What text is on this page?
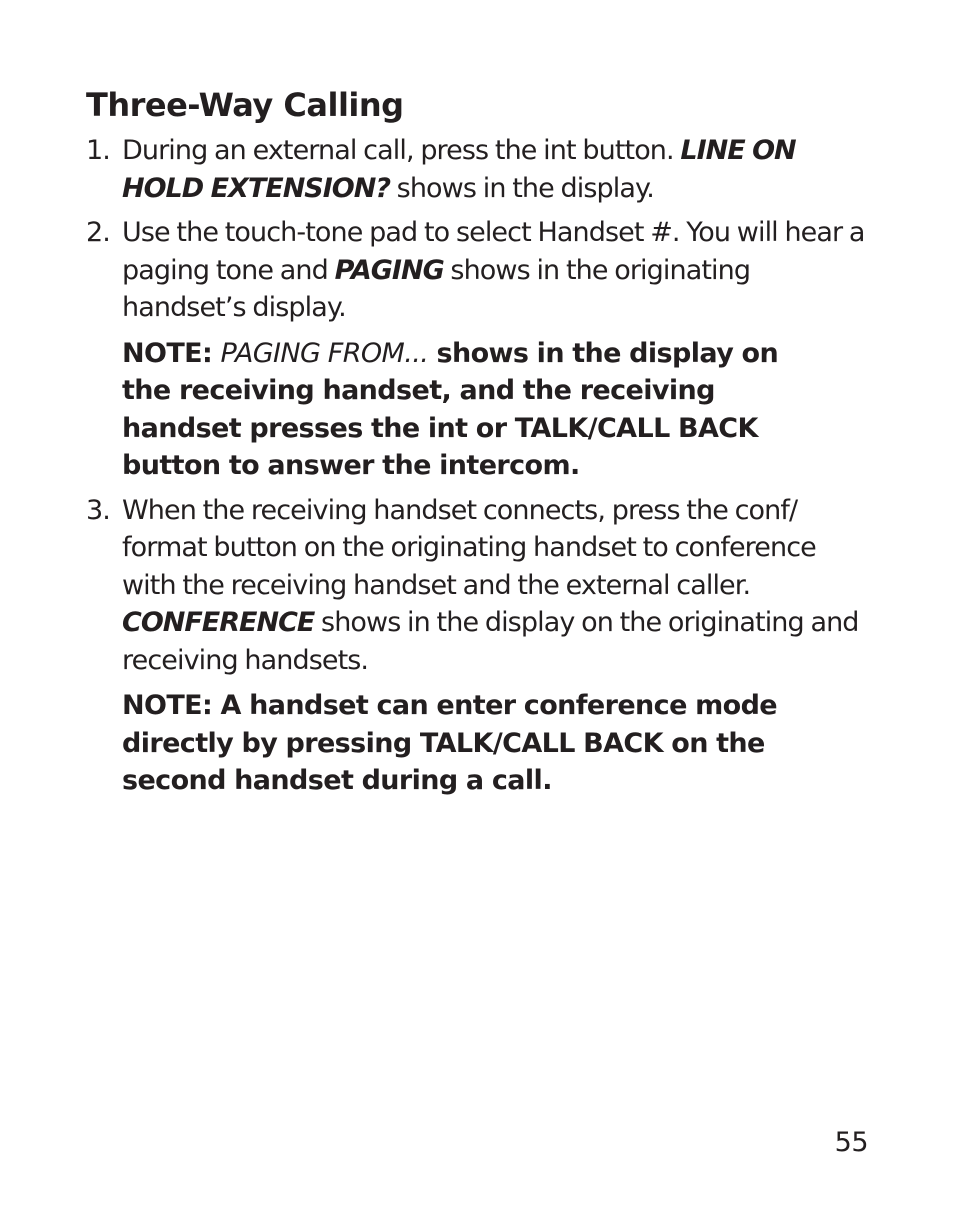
Three-Way Calling
1. During an external call, press the int button. LINE ON HOLD EXTENSION? shows in the display.

2. Use the touch-tone pad to select Handset #. You will hear a paging tone and PAGING shows in the originating handset’s display.

NOTE: PAGING FROM... shows in the display on the receiving handset, and the receiving handset presses the int or TALK/CALL BACK button to answer the intercom.

3. When the receiving handset connects, press the conf/ format button on the originating handset to conference with the receiving handset and the external caller. CONFERENCE shows in the display on the originating and receiving handsets.

NOTE: A handset can enter conference mode directly by pressing TALK/CALL BACK on the second handset during a call.

55
